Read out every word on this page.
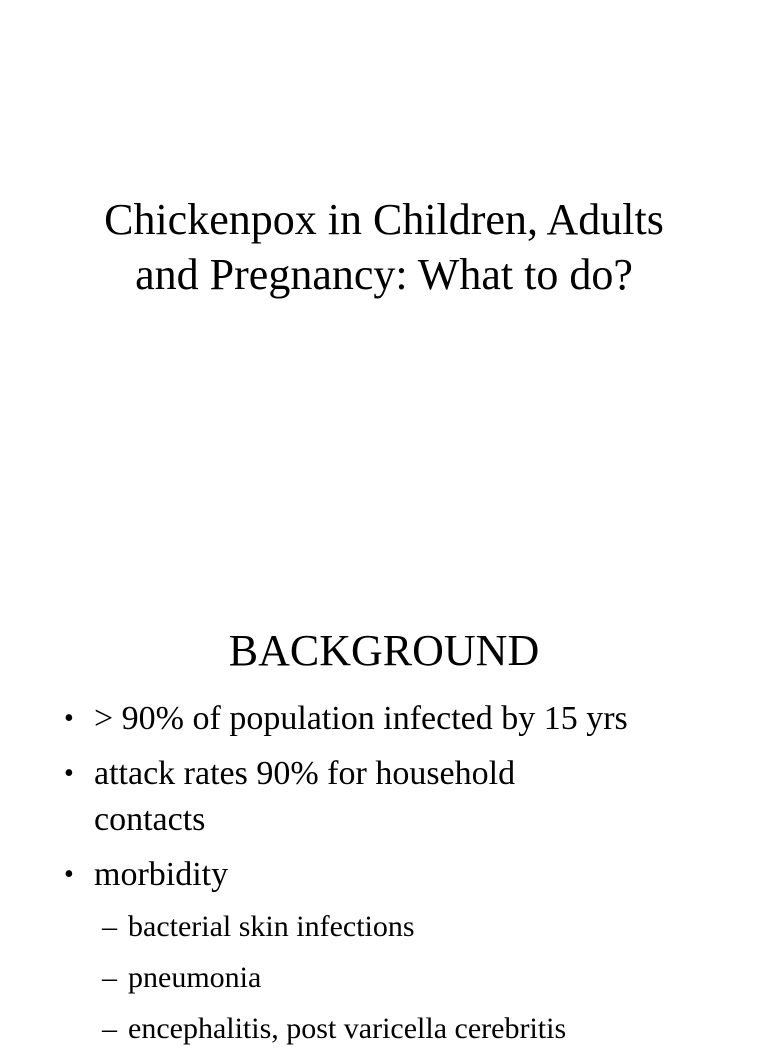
Chickenpox in Children, Adults
and Pregnancy: What to do?
BACKGROUND
• > 90% of population infected by 15 yrs
• attack rates 90% for household
contacts
• morbidity
– bacterial skin infections
– pneumonia
– encephalitis, post varicella cerebritis
